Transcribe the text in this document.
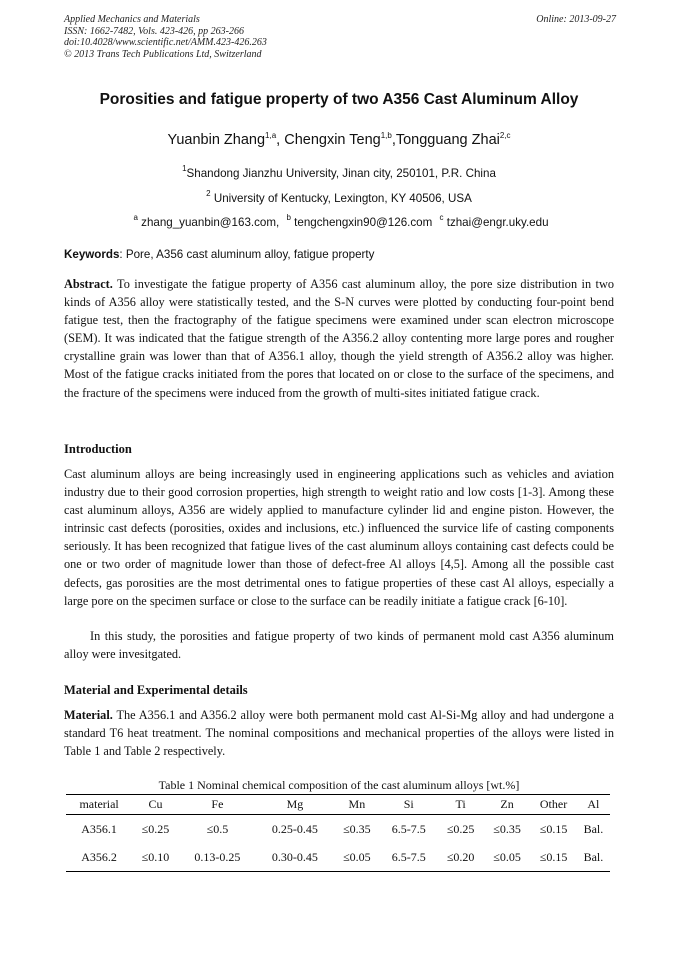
Applied Mechanics and Materials
ISSN: 1662-7482, Vols. 423-426, pp 263-266
doi:10.4028/www.scientific.net/AMM.423-426.263
© 2013 Trans Tech Publications Ltd, Switzerland
Online: 2013-09-27
Porosities and fatigue property of two A356 Cast Aluminum Alloy
Yuanbin Zhang$^{1,a}$, Chengxin Teng$^{1,b}$,Tongguang Zhai$^{2,c}$
$^1$Shandong Jianzhu University, Jinan city, 250101, P.R. China
$^2$ University of Kentucky, Lexington, KY 40506, USA
$^a$ zhang_yuanbin@163.com, $^b$ tengchengxin90@126.com $^c$ tzhai@engr.uky.edu
Keywords: Pore, A356 cast aluminum alloy, fatigue property
Abstract. To investigate the fatigue property of A356 cast aluminum alloy, the pore size distribution in two kinds of A356 alloy were statistically tested, and the S-N curves were plotted by conducting four-point bend fatigue test, then the fractography of the fatigue specimens were examined under scan electron microscope (SEM). It was indicated that the fatigue strength of the A356.2 alloy contenting more large pores and rougher crystalline grain was lower than that of A356.1 alloy, though the yield strength of A356.2 alloy was higher. Most of the fatigue cracks initiated from the pores that located on or close to the surface of the specimens, and the fracture of the specimens were induced from the growth of multi-sites initiated fatigue crack.
Introduction
Cast aluminum alloys are being increasingly used in engineering applications such as vehicles and aviation industry due to their good corrosion properties, high strength to weight ratio and low costs [1-3]. Among these cast aluminum alloys, A356 are widely applied to manufacture cylinder lid and engine piston. However, the intrinsic cast defects (porosities, oxides and inclusions, etc.) influenced the survice life of casting components seriously. It has been recognized that fatigue lives of the cast aluminum alloys containing cast defects could be one or two order of magnitude lower than those of defect-free Al alloys [4,5]. Among all the possible cast defects, gas porosities are the most detrimental ones to fatigue properties of these cast Al alloys, especially a large pore on the specimen surface or close to the surface can be readily initiate a fatigue crack [6-10].
In this study, the porosities and fatigue property of two kinds of permanent mold cast A356 aluminum alloy were invesitgated.
Material and Experimental details
Material. The A356.1 and A356.2 alloy were both permanent mold cast Al-Si-Mg alloy and had undergone a standard T6 heat treatment. The nominal compositions and mechanical properties of the alloys were listed in Table 1 and Table 2 respectively.
Table 1 Nominal chemical composition of the cast aluminum alloys [wt.%]
material	Cu	Fe	Mg	Mn	Si	Ti	Zn	Other	Al
A356.1	≤0.25	≤0.5	0.25-0.45	≤0.35	6.5-7.5	≤0.25	≤0.35	≤0.15	Bal.
A356.2	≤0.10	0.13-0.25	0.30-0.45	≤0.05	6.5-7.5	≤0.20	≤0.05	≤0.15	Bal.
